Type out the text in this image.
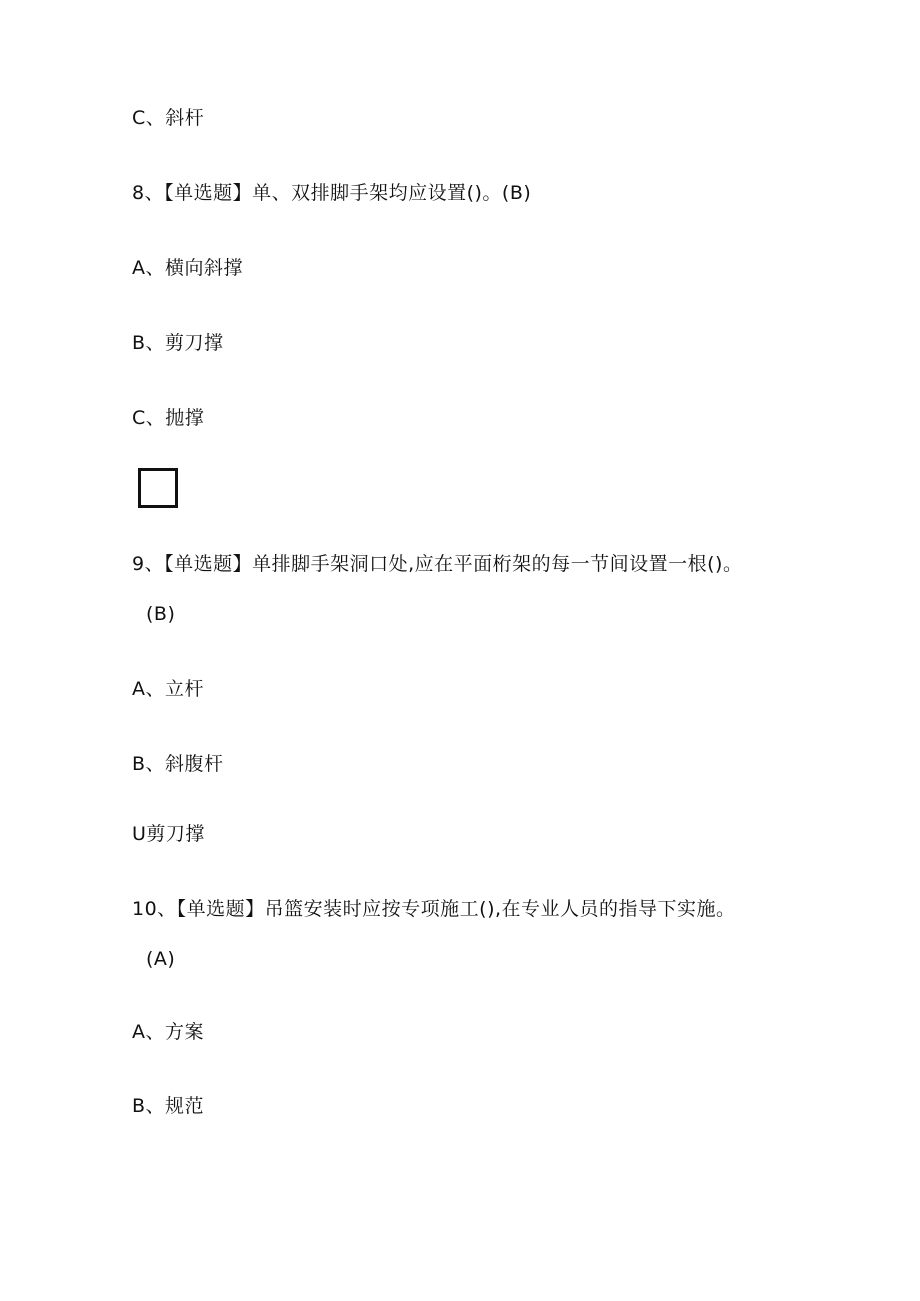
C、斜杆
8、【单选题】单、双排脚手架均应设置()。(B)
A、横向斜撑
B、剪刀撑
C、抛撑
9、【单选题】单排脚手架洞口处,应在平面桁架的每一节间设置一根()。
(B)
A、立杆
B、斜腹杆
U剪刀撑
10、【单选题】吊篮安装时应按专项施工(),在专业人员的指导下实施。
(A)
A、方案
B、规范
